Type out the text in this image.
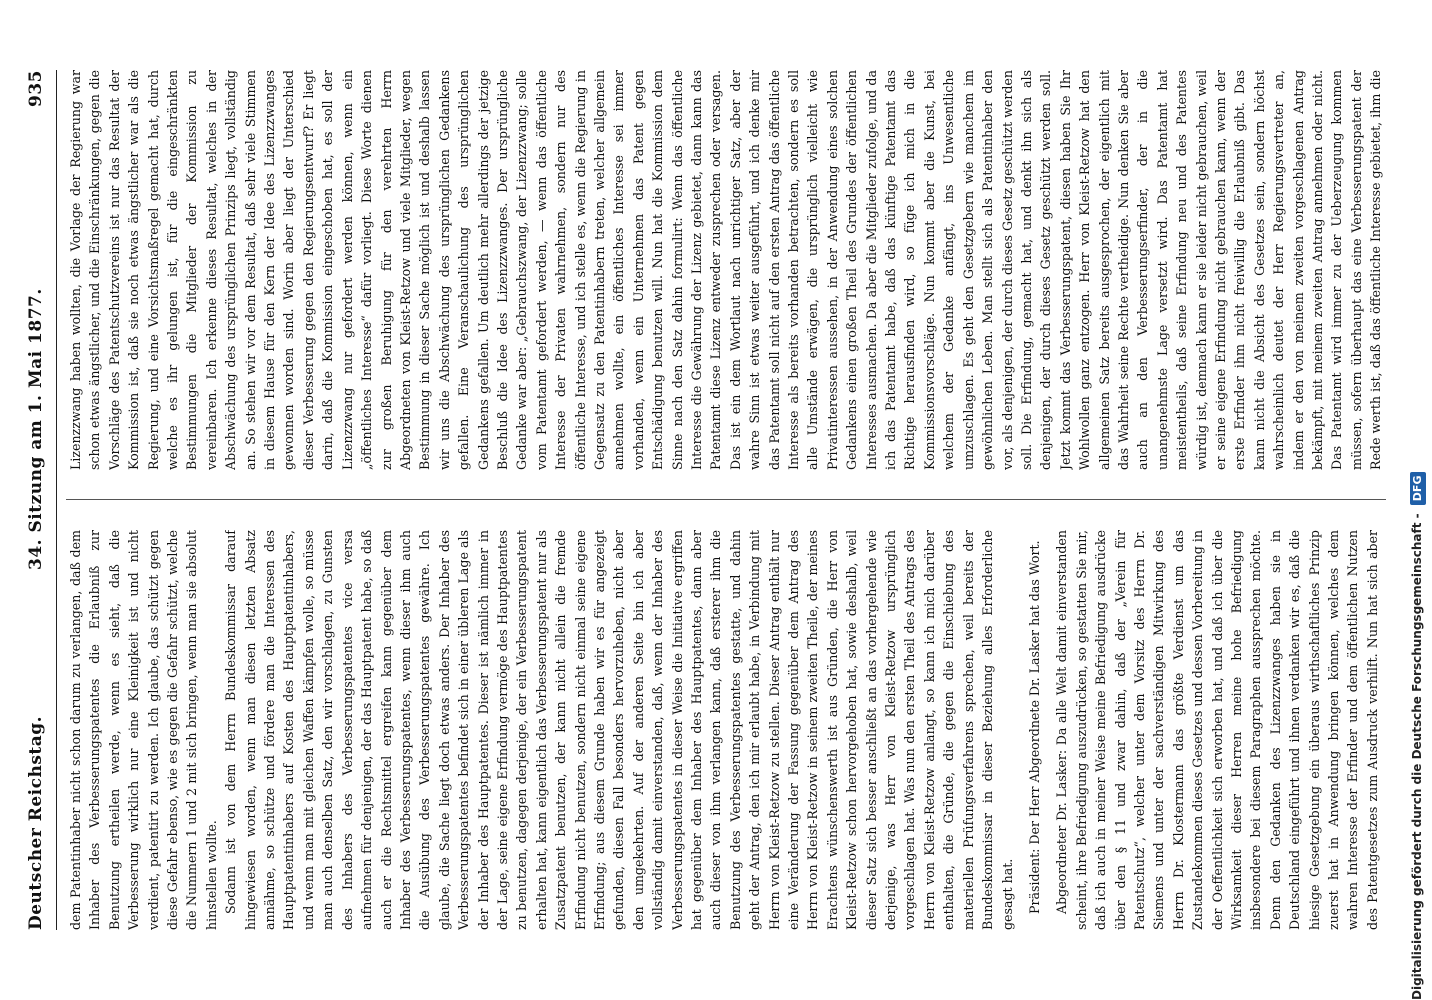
Deutscher Reichstag.
34. Sitzung am 1. Mai 1877.
935

dem Patentinhaber nicht schon darum zu verlangen, daß dem Inhaber des Verbesserungspatentes die Erlaubniß zur Benutzung ertheilen werde, wenn es sieht, daß die Verbesserung wirklich nur eine Kleinigkeit ist und nicht verdient, patentirt zu werden. Ich glaube, das schützt gegen diese Gefahr ebenso, wie es gegen die Gefahr schützt, welche die Nummern 1 und 2 mit sich bringen, wenn man sie absolut hinstellen wollte. Sodann ist von dem Herrn Bundeskommissar darauf hingewiesen worden, wenn man diesen letzten Absatz annähme, so schütze und fördere man die Interessen des Hauptpatentinhabers auf Kosten des Hauptpatentinhabers, und wenn man mit gleichen Waffen kämpfen wolle, so müsse man auch denselben Satz, den wir vorschlagen, zu Gunsten des Inhabers des Verbesserungspatentes vice versa aufnehmen für denjenigen, der das Hauptpatent habe, so daß auch er die Rechtsmittel ergreifen kann gegenüber dem Inhaber des Verbesserungspatentes, wenn dieser ihm auch die Ausübung des Verbesserungspatentes gewähre. Ich glaube, die Sache liegt doch etwas anders. Der Inhaber des Verbesserungspatentes befindet sich in einer übleren Lage als der Inhaber des Hauptpatentes. Dieser ist nämlich immer in der Lage, seine eigene Erfindung vermöge des Hauptpatentes zu benutzen, dagegen derjenige, der ein Verbesserungspatent erhalten hat, kann eigentlich das Verbesserungspatent nur als Zusatzpatent benutzen, der kann nicht allein die fremde Erfindung nicht benutzen, sondern nicht einmal seine eigene Erfindung; aus diesem Grunde haben wir es für angezeigt gefunden, diesen Fall besonders hervorzuheben, nicht aber den umgekehrten. Auf der anderen Seite bin ich aber vollständig damit einverstanden, daß, wenn der Inhaber des Verbesserungspatentes in dieser Weise die Initiative ergriffen hat gegenüber dem Inhaber des Hauptpatentes, dann aber auch dieser von ihm verlangen kann, daß ersterer ihm die Benutzung des Verbesserungspatentes gestatte, und dahin geht der Antrag, den ich mir erlaubt habe, in Verbindung mit Herrn von Kleist-Retzow zu stellen. Dieser Antrag enthält nur eine Veränderung der Fassung gegenüber dem Antrag des Herrn von Kleist-Retzow in seinem zweiten Theile, der meines Erachtens wünschenswerth ist aus Gründen, die Herr von Kleist-Retzow schon hervorgehoben hat, sowie deshalb, weil dieser Satz sich besser anschließt an das vorhergehende wie derjenige, was Herr von Kleist-Retzow ursprünglich vorgeschlagen hat. Was nun den ersten Theil des Antrags des Herrn von Kleist-Retzow anlangt, so kann ich mich darüber enthalten, die Gründe, die gegen die Einschiebung des materiellen Prüfungsverfahrens sprechen, weil bereits der Bundeskommissar in dieser Beziehung alles Erforderliche gesagt hat. Präsident: Der Herr Abgeordnete Dr. Lasker hat das Wort. Abgeordneter Dr. Lasker: Da alle Welt damit einverstanden scheint, ihre Befriedigung auszudrücken, so gestatten Sie mir, daß ich auch in meiner Weise meine Befriedigung ausdrücke über den § 11 und zwar dahin, daß der „Verein für Patentschutz“, welcher unter dem Vorsitz des Herrn Dr. Siemens und unter der sachverständigen Mitwirkung des Herrn Dr. Klostermann das größte Verdienst um das Zustandekommen dieses Gesetzes und dessen Vorbereitung in der Oeffentlichkeit sich erworben hat, und daß ich über die Wirksamkeit dieser Herren meine hohe Befriedigung insbesondere bei diesem Paragraphen aussprechen möchte. Denn den Gedanken des Lizenzzwanges haben sie in Deutschland eingeführt und ihnen verdanken wir es, daß die hiesige Gesetzgebung ein überaus wirthschaftliches Prinzip zuerst hat in Anwendung bringen können, welches dem wahren Interesse der Erfinder und dem öffentlichen Nutzen des Patentgesetzes zum Ausdruck verhilft. Nun hat sich aber

Lizenzzwang haben wollten, die Vorlage der Regierung war schon etwas ängstlicher, und die Einschränkungen, gegen die Vorschläge des Patentschutzvereins ist nur das Resultat der Kommission ist, daß sie noch etwas ängstlicher war als die Regierung, und eine Vorsichtsmaßregel gemacht hat, durch welche es ihr gelungen ist, für die eingeschränkten Bestimmungen die Mitglieder der Kommission zu vereinbaren. Ich erkenne dieses Resultat, welches in der Abschwächung des ursprünglichen Prinzips liegt, vollständig an. So stehen wir vor dem Resultat, daß sehr viele Stimmen in diesem Hause für den Kern der Idee des Lizenzzwanges gewonnen worden sind. Worin aber liegt der Unterschied dieser Verbesserung gegen den Regierungsentwurf? Er liegt darin, daß die Kommission eingeschoben hat, es soll der Lizenzzwang nur gefordert werden können, wenn ein „öffentliches Interesse“ dafür vorliegt. Diese Worte dienen zur großen Beruhigung für den verehrten Herrn Abgeordneten von Kleist-Retzow und viele Mitglieder, wegen Bestimmung in dieser Sache möglich ist und deshalb lassen wir uns die Abschwächung des ursprünglichen Gedankens gefallen. Eine Veranschaulichung des ursprünglichen Gedankens gefallen. Um deutlich mehr allerdings der jetzige Beschluß die Idee des Lizenzzwanges. Der ursprüngliche Gedanke war aber: „Gebrauchszwang, der Lizenzzwang; solle vom Patentamt gefordert werden, — wenn das öffentliche Interesse der Privaten wahrnehmen, sondern nur des öffentliche Interesse, und ich stelle es, wenn die Regierung in Gegensatz zu den Patentinhabern treten, welcher allgemein annehmen wollte, ein öffentliches Interesse sei immer vorhanden, wenn ein Unternehmen das Patent gegen Entschädigung benutzen will. Nun hat die Kommission dem Sinne nach den Satz dahin formulirt: Wenn das öffentliche Interesse die Gewährung der Lizenz gebietet, dann kann das Patentamt diese Lizenz entweder zusprechen oder versagen. Das ist ein dem Wortlaut nach unrichtiger Satz, aber der wahre Sinn ist etwas weiter ausgeführt, und ich denke mir das Patentamt soll nicht auf den ersten Antrag das öffentliche Interesse als bereits vorhanden betrachten, sondern es soll alle Umstände erwägen, die ursprünglich vielleicht wie Privatinteressen aussehen, in der Anwendung eines solchen Gedankens einen großen Theil des Grundes der öffentlichen Interesses ausmachen. Da aber die Mitglieder zufolge, und da ich das Patentamt habe, daß das künftige Patentamt das Richtige herausfinden wird, so füge ich mich in die Kommissionsvorschläge. Nun kommt aber die Kunst, bei welchem der Gedanke anfängt, ins Unwesentliche umzuschlagen. Es geht den Gesetzgebern wie manchem im gewöhnlichen Leben. Man stellt sich als Patentinhaber den vor, als denjenigen, der durch dieses Gesetz geschützt werden soll. Die Erfindung, gemacht hat, und denkt ihn sich als denjenigen, der durch dieses Gesetz geschützt werden soll. Jetzt kommt das Verbesserungspatent, diesen haben Sie Ihr Wohlwollen ganz entzogen. Herr von Kleist-Retzow hat den allgemeinen Satz bereits ausgesprochen, der eigentlich mit das Wahrheit seine Rechte vertheidige. Nun denken Sie aber auch an den Verbesserungserfinder, der in die unangenehmste Lage versetzt wird. Das Patentamt hat meistentheils, daß seine Erfindung neu und des Patentes würdig ist, demnach kann er sie leider nicht gebrauchen, weil er seine eigene Erfindung nicht gebrauchen kann, wenn der erste Erfinder ihm nicht freiwillig die Erlaubniß gibt. Das kann nicht die Absicht des Gesetzes sein, sondern höchst wahrscheinlich deutet der Herr Regierungsvertreter an, indem er den von meinem zweiten vorgeschlagenen Antrag bekämpft, mit meinem zweiten Antrag annehmen oder nicht. Das Patentamt wird immer zu der Ueberzeugung kommen müssen, sofern überhaupt das eine Verbesserungspatent der Rede werth ist, daß das öffentliche Interesse gebietet, ihm die

Digitalisierung gefördert durch die Deutsche Forschungsgemeinschaft - DFG
